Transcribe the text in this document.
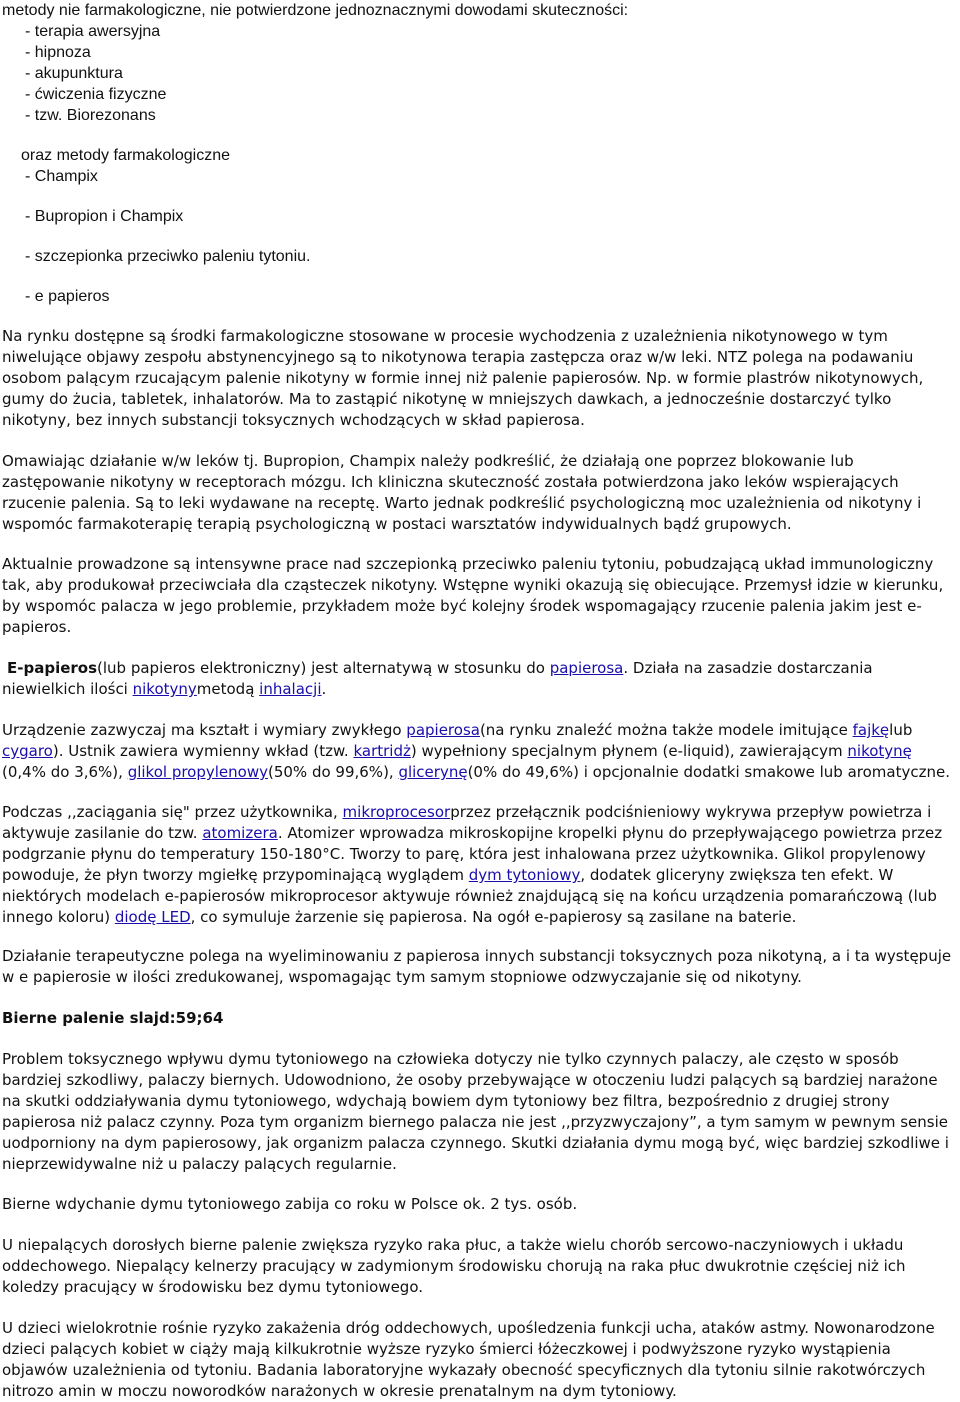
metody nie farmakologiczne, nie potwierdzone jednoznacznymi dowodami skuteczności:
- terapia awersyjna
- hipnoza
- akupunktura
- ćwiczenia fizyczne
- tzw. Biorezonans
oraz metody farmakologiczne
- Champix
- Bupropion i Champix
- szczepionka przeciwko paleniu tytoniu.
- e papieros

Na rynku dostępne są środki farmakologiczne stosowane w procesie wychodzenia z uzależnienia nikotynowego w tym niwelujące objawy zespołu abstynencyjnego są to nikotynowa terapia zastępcza oraz w/w leki. NTZ polega na podawaniu osobom palącym rzucającym palenie nikotyny w formie innej niż palenie papierosów. Np. w formie plastrów nikotynowych, gumy do żucia, tabletek, inhalatorów. Ma to zastąpić nikotynę w mniejszych dawkach, a jednocześnie dostarczyć tylko nikotyny, bez innych substancji toksycznych wchodzących w skład papierosa.

Omawiając działanie w/w leków tj. Bupropion, Champix należy podkreślić, że działają one poprzez blokowanie lub zastępowanie nikotyny w receptorach mózgu. Ich kliniczna skuteczność została potwierdzona jako leków wspierających rzucenie palenia. Są to leki wydawane na receptę. Warto jednak podkreślić psychologiczną moc uzależnienia od nikotyny i wspomóc farmakoterapię terapią psychologiczną w postaci warsztatów indywidualnych bądź grupowych.

Aktualnie prowadzone są intensywne prace nad szczepionką przeciwko paleniu tytoniu, pobudzającą układ immunologiczny tak, aby produkował przeciwciała dla cząsteczek nikotyny. Wstępne wyniki okazują się obiecujące. Przemysł idzie w kierunku, by wspomóc palacza w jego problemie, przykładem może być kolejny środek wspomagający rzucenie palenia jakim jest e-papieros.

E-papieros(lub papieros elektroniczny) jest alternatywą w stosunku do papierosa. Działa na zasadzie dostarczania niewielkich ilości nikotynymetodą inhalacji.

Urządzenie zazwyczaj ma kształt i wymiary zwykłego papierosa(na rynku znaleźć można także modele imitujące fajkęlub cygaro). Ustnik zawiera wymienny wkład (tzw. kartridż) wypełniony specjalnym płynem (e-liquid), zawierającym nikotynę (0,4% do 3,6%), glikol propylenowy(50% do 99,6%), glicerynę(0% do 49,6%) i opcjonalnie dodatki smakowe lub aromatyczne.

Podczas ,,zaciągania się" przez użytkownika, mikroprocesorprzez przełącznik podciśnieniowy wykrywa przepływ powietrza i aktywuje zasilanie do tzw. atomizera. Atomizer wprowadza mikroskopijne kropelki płynu do przepływającego powietrza przez podgrzanie płynu do temperatury 150-180°C. Tworzy to parę, która jest inhalowana przez użytkownika. Glikol propylenowy powoduje, że płyn tworzy mgiełkę przypominającą wyglądem dym tytoniowy, dodatek gliceryny zwiększa ten efekt. W niektórych modelach e-papierosów mikroprocesor aktywuje również znajdującą się na końcu urządzenia pomarańczową (lub innego koloru) diodę LED, co symuluje żarzenie się papierosa. Na ogół e-papierosy są zasilane na baterie.

Działanie terapeutyczne polega na wyeliminowaniu z papierosa innych substancji toksycznych poza nikotyną, a i ta występuje w e papierosie w ilości zredukowanej, wspomagając tym samym stopniowe odzwyczajanie się od nikotyny.

Bierne palenie slajd:59;64

Problem toksycznego wpływu dymu tytoniowego na człowieka dotyczy nie tylko czynnych palaczy, ale często w sposób bardziej szkodliwy, palaczy biernych. Udowodniono, że osoby przebywające w otoczeniu ludzi palących są bardziej narażone na skutki oddziaływania dymu tytoniowego, wdychają bowiem dym tytoniowy bez filtra, bezpośrednio z drugiej strony papierosa niż palacz czynny. Poza tym organizm biernego palacza nie jest ,,przyzwyczajony”, a tym samym w pewnym sensie uodporniony na dym papierosowy, jak organizm palacza czynnego. Skutki działania dymu mogą być, więc bardziej szkodliwe i nieprzewidywalne niż u palaczy palących regularnie.

Bierne wdychanie dymu tytoniowego zabija co roku w Polsce ok. 2 tys. osób.

U niepalących dorosłych bierne palenie zwiększa ryzyko raka płuc, a także wielu chorób sercowo-naczyniowych i układu oddechowego. Niepalący kelnerzy pracujący w zadymionym środowisku chorują na raka płuc dwukrotnie częściej niż ich koledzy pracujący w środowisku bez dymu tytoniowego.

U dzieci wielokrotnie rośnie ryzyko zakażenia dróg oddechowych, upośledzenia funkcji ucha, ataków astmy. Nowonarodzone dzieci palących kobiet w ciąży mają kilkukrotnie wyższe ryzyko śmierci łóżeczkowej i podwyższone ryzyko wystąpienia objawów uzależnienia od tytoniu. Badania laboratoryjne wykazały obecność specyficznych dla tytoniu silnie rakotwórczych nitrozo amin w moczu noworodków narażonych w okresie prenatalnym na dym tytoniowy.
